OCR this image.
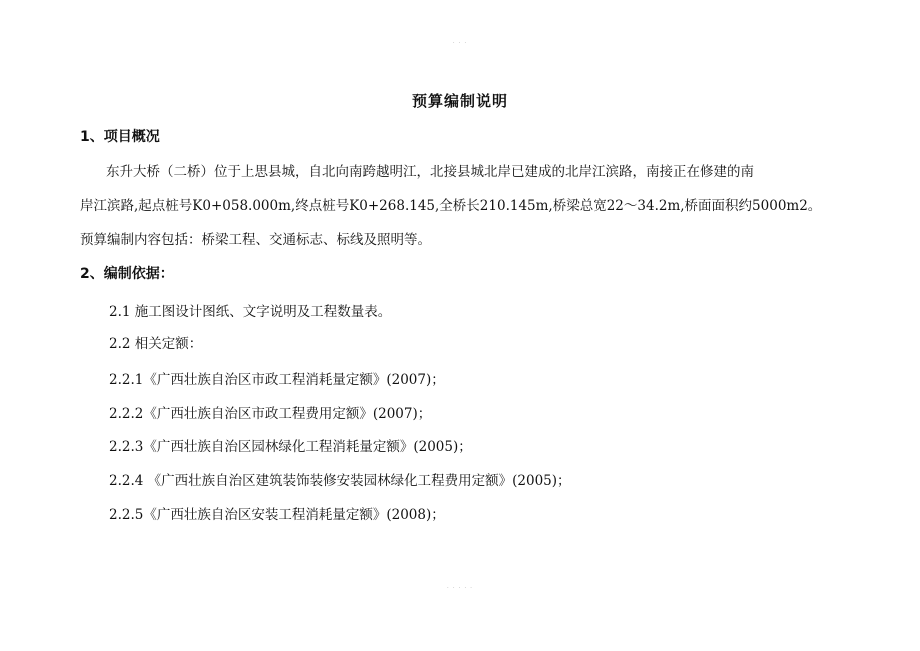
· · ·
预算编制说明
1、项目概况
东升大桥（二桥）位于上思县城，自北向南跨越明江，北接县城北岸已建成的北岸江滨路，南接正在修建的南
岸江滨路,起点桩号K0+058.000m,终点桩号K0+268.145,全桥长210.145m,桥梁总宽22～34.2m,桥面面积约5000m2。
预算编制内容包括：桥梁工程、交通标志、标线及照明等。
2、编制依据：
2.1 施工图设计图纸、文字说明及工程数量表。
2.2 相关定额：
2.2.1《广西壮族自治区市政工程消耗量定额》(2007)；
2.2.2《广西壮族自治区市政工程费用定额》(2007)；
2.2.3《广西壮族自治区园林绿化工程消耗量定额》(2005)；
2.2.4 《广西壮族自治区建筑装饰装修安装园林绿化工程费用定额》(2005)；
2.2.5《广西壮族自治区安装工程消耗量定额》(2008)；
· · · · ·
